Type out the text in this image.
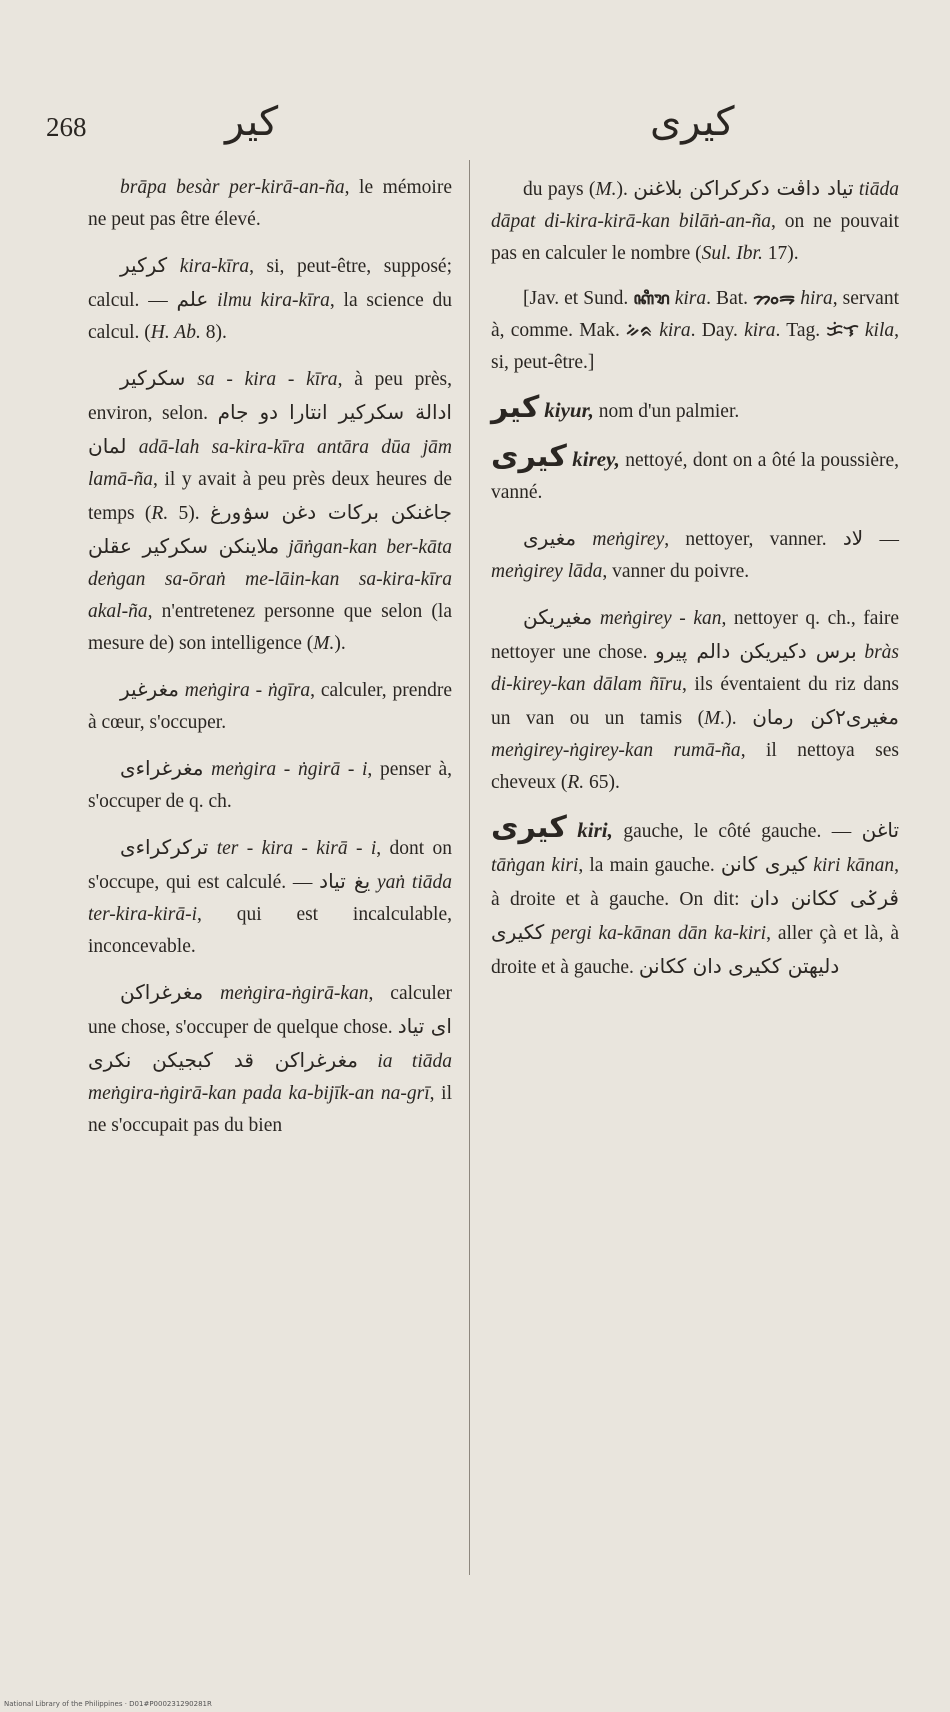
268	كير	كيرى

brāpa besàr per-kirā-an-ña, le mémoire ne peut pas être élevé.

كركير kira-kīra, si, peut-être, supposé; calcul. — علم ilmu kira-kīra, la science du calcul. (H. Ab. 8).

سكركير sa - kira - kīra, à peu près, environ, selon. ادالة سكركير انتارا دو جام لمان adā-lah sa-kira-kīra antāra dūa jām lamā-ña, il y avait à peu près deux heures de temps (R. 5). جاغنكن بركات دغن سۉورغ ملاينكن سكركير عقلن jāṅgan-kan ber-kāta deṅgan sa-ōraṅ me-lāin-kan sa-kira-kīra akal-ña, n'entretenez personne que selon (la mesure de) son intelligence (M.).

مغرغير meṅgira - ṅgīra, calculer, prendre à cœur, s'occuper.

مغرغراءى meṅgira - ṅgirā - i, penser à, s'occuper de q. ch.

تركركراءى ter - kira - kirā - i, dont on s'occupe, qui est calculé. — يغ تياد yaṅ tiāda ter-kira-kirā-i, qui est incalculable, inconcevable.

مغرغراكن meṅgira-ṅgirā-kan, calculer une chose, s'occuper de quelque chose. اى تياد مغرغراكن قد كبجيكن نكرى ia tiāda meṅgira-ṅgirā-kan pada ka-bijīk-an na-grī, il ne s'occupait pas du bien

du pays (M.). تياد داڤت دكركراكن بلاغنن tiāda dāpat di-kira-kirā-kan bilāṅ-an-ña, on ne pouvait pas en calculer le nombre (Sul. Ibr. 17).

[Jav. et Sund. ꦏꦶꦫ kira. Bat. ᯂᯪᯒ hira, servant à, comme. Mak. ᨀᨗᨑ kira. Day. kira. Tag. ᜃᜒᜎ kila, si, peut-être.]

كير kiyur, nom d'un palmier.

كيرى kirey, nettoyé, dont on a ôté la poussière, vanné.

مغيرى meṅgirey, nettoyer, vanner. لاد — meṅgirey lāda, vanner du poivre.

مغيريكن meṅgirey - kan, nettoyer q. ch., faire nettoyer une chose. برس دكيريكن دالم ڽيرو bràs di-kirey-kan dālam ñīru, ils éventaient du riz dans un van ou un tamis (M.). مغيرى٢كن رمان meṅgirey-ṅgirey-kan rumā-ña, il nettoya ses cheveux (R. 65).

كيرى kiri, gauche, le côté gauche. — تاغن tāṅgan kiri, la main gauche. كيرى كانن kiri kānan, à droite et à gauche. On dit: ڤرݢى ككانن دان ككيرى pergi ka-kānan dān ka-kiri, aller çà et là, à droite et à gauche. دليهتن ككيرى دان ككانن

National Library of the Philippines · D01#P000231290281R
